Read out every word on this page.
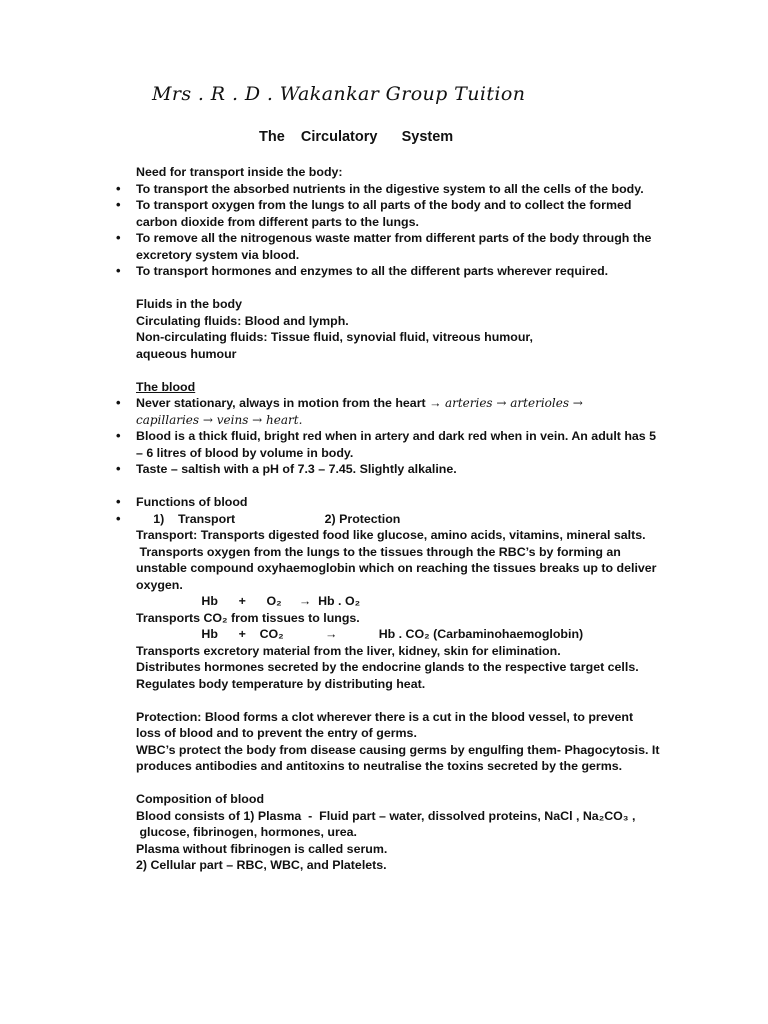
Mrs . R . D . Wakankar Group Tuition
The    Circulatory      System
Need for transport inside the body:
• To transport the absorbed nutrients in the digestive system to all the cells of the body.
• To transport oxygen from the lungs to all parts of the body and to collect the formed
carbon dioxide from different parts to the lungs.
• To remove all the nitrogenous waste matter from different parts of the body through the
excretory system via blood.
• To transport hormones and enzymes to all the different parts wherever required.
Fluids in the body
Circulating fluids: Blood and lymph.
Non-circulating fluids: Tissue fluid, synovial fluid, vitreous humour,
aqueous humour
The blood
• Never stationary, always in motion from the heart → arteries → arterioles →
capillaries → veins → heart.
• Blood is a thick fluid, bright red when in artery and dark red when in vein. An adult has 5
– 6 litres of blood by volume in body.
• Taste – saltish with a pH of 7.3 – 7.45. Slightly alkaline.
• Functions of blood
•      1)    Transport                          2) Protection
Transport: Transports digested food like glucose, amino acids, vitamins, mineral salts.
Transports oxygen from the lungs to the tissues through the RBC’s by forming an
unstable compound oxyhaemoglobin which on reaching the tissues breaks up to deliver
oxygen.
Hb      +      O₂     →  Hb . O₂
Transports CO₂ from tissues to lungs.
Hb      +    CO₂            →            Hb . CO₂ (Carbaminohaemoglobin)
Transports excretory material from the liver, kidney, skin for elimination.
Distributes hormones secreted by the endocrine glands to the respective target cells.
Regulates body temperature by distributing heat.
Protection: Blood forms a clot wherever there is a cut in the blood vessel, to prevent
loss of blood and to prevent the entry of germs.
WBC’s protect the body from disease causing germs by engulfing them- Phagocytosis. It
produces antibodies and antitoxins to neutralise the toxins secreted by the germs.
Composition of blood
Blood consists of 1) Plasma  -  Fluid part – water, dissolved proteins, NaCl , Na₂CO₃ ,
glucose, fibrinogen, hormones, urea.
Plasma without fibrinogen is called serum.
2) Cellular part – RBC, WBC, and Platelets.
